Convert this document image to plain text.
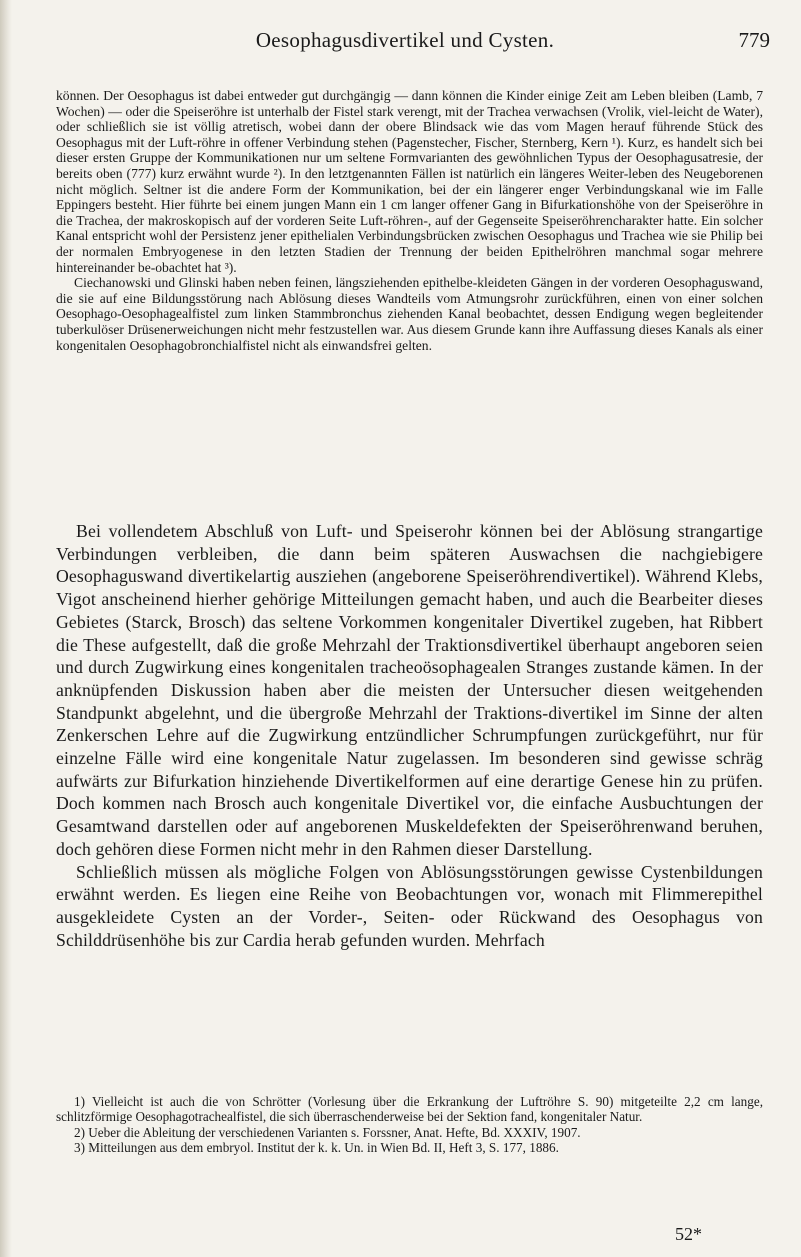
Oesophagusdivertikel und Cysten.	779

können. Der Oesophagus ist dabei entweder gut durchgängig — dann können die Kinder einige Zeit am Leben bleiben (Lamb, 7 Wochen) — oder die Speiseröhre ist unterhalb der Fistel stark verengt, mit der Trachea verwachsen (Vrolik, viel-leicht de Water), oder schließlich sie ist völlig atretisch, wobei dann der obere Blindsack wie das vom Magen herauf führende Stück des Oesophagus mit der Luft-röhre in offener Verbindung stehen (Pagenstecher, Fischer, Sternberg, Kern ¹). Kurz, es handelt sich bei dieser ersten Gruppe der Kommunikationen nur um seltene Formvarianten des gewöhnlichen Typus der Oesophagusatresie, der bereits oben (777) kurz erwähnt wurde ²). In den letztgenannten Fällen ist natürlich ein längeres Weiter-leben des Neugeborenen nicht möglich. Seltner ist die andere Form der Kommunikation, bei der ein längerer enger Verbindungskanal wie im Falle Eppingers besteht. Hier führte bei einem jungen Mann ein 1 cm langer offener Gang in Bifurkationshöhe von der Speiseröhre in die Trachea, der makroskopisch auf der vorderen Seite Luft-röhren-, auf der Gegenseite Speiseröhrencharakter hatte. Ein solcher Kanal entspricht wohl der Persistenz jener epithelialen Verbindungsbrücken zwischen Oesophagus und Trachea wie sie Philip bei der normalen Embryogenese in den letzten Stadien der Trennung der beiden Epithelröhren manchmal sogar mehrere hintereinander be-obachtet hat ³).

Ciechanowski und Glinski haben neben feinen, längsziehenden epithelbe-kleideten Gängen in der vorderen Oesophaguswand, die sie auf eine Bildungsstörung nach Ablösung dieses Wandteils vom Atmungsrohr zurückführen, einen von einer solchen Oesophago-Oesophagealfistel zum linken Stammbronchus ziehenden Kanal beobachtet, dessen Endigung wegen begleitender tuberkulöser Drüsenerweichungen nicht mehr festzustellen war. Aus diesem Grunde kann ihre Auffassung dieses Kanals als einer kongenitalen Oesophagobronchialfistel nicht als einwandsfrei gelten.

Bei vollendetem Abschluß von Luft- und Speiserohr können bei der Ablösung strangartige Verbindungen verbleiben, die dann beim späteren Auswachsen die nachgiebigere Oesophaguswand divertikelartig ausziehen (angeborene Speiseröhrendivertikel). Während Klebs, Vigot anscheinend hierher gehörige Mitteilungen gemacht haben, und auch die Bearbeiter dieses Gebietes (Starck, Brosch) das seltene Vorkommen kongenitaler Divertikel zugeben, hat Ribbert die These aufgestellt, daß die große Mehrzahl der Traktionsdivertikel überhaupt angeboren seien und durch Zugwirkung eines kongenitalen tracheoösophagealen Stranges zustande kämen. In der anknüpfenden Diskussion haben aber die meisten der Untersucher diesen weitgehenden Standpunkt abgelehnt, und die übergroße Mehrzahl der Traktions-divertikel im Sinne der alten Zenkerschen Lehre auf die Zugwirkung entzündlicher Schrumpfungen zurückgeführt, nur für einzelne Fälle wird eine kongenitale Natur zugelassen. Im besonderen sind gewisse schräg aufwärts zur Bifurkation hinziehende Divertikelformen auf eine derartige Genese hin zu prüfen. Doch kommen nach Brosch auch kongenitale Divertikel vor, die einfache Ausbuchtungen der Gesamtwand darstellen oder auf angeborenen Muskeldefekten der Speiseröhrenwand beruhen, doch gehören diese Formen nicht mehr in den Rahmen dieser Darstellung.

Schließlich müssen als mögliche Folgen von Ablösungsstörungen gewisse Cystenbildungen erwähnt werden. Es liegen eine Reihe von Beobachtungen vor, wonach mit Flimmerepithel ausgekleidete Cysten an der Vorder-, Seiten- oder Rückwand des Oesophagus von Schilddrüsenhöhe bis zur Cardia herab gefunden wurden. Mehrfach

1) Vielleicht ist auch die von Schrötter (Vorlesung über die Erkrankung der Luftröhre S. 90) mitgeteilte 2,2 cm lange, schlitzförmige Oesophagotrachealfistel, die sich überraschenderweise bei der Sektion fand, kongenitaler Natur.

2) Ueber die Ableitung der verschiedenen Varianten s. Forssner, Anat. Hefte, Bd. XXXIV, 1907.

3) Mitteilungen aus dem embryol. Institut der k. k. Un. in Wien Bd. II, Heft 3, S. 177, 1886.

52*
